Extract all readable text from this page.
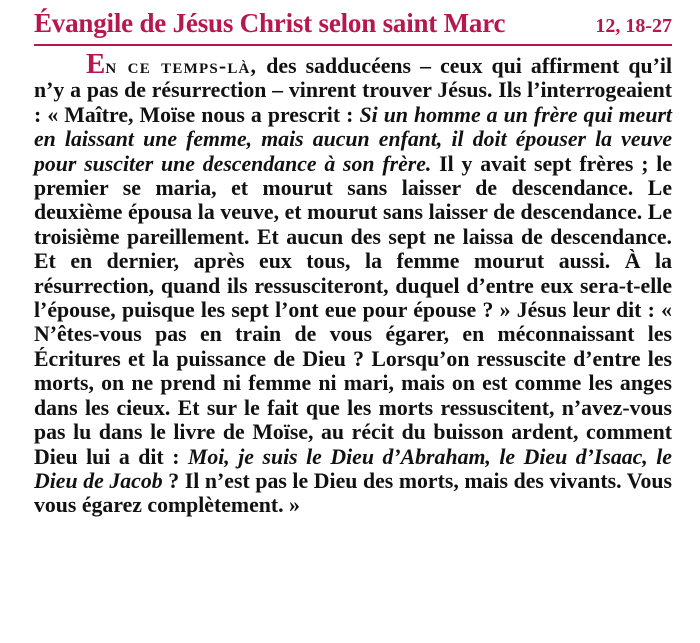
Évangile de Jésus Christ selon saint Marc	12, 18-27

En ce temps-là, des sadducéens – ceux qui affirment qu’il n’y a pas de résurrection – vinrent trouver Jésus. Ils l’interrogeaient : « Maître, Moïse nous a prescrit : Si un homme a un frère qui meurt en laissant une femme, mais aucun enfant, il doit épouser la veuve pour susciter une descendance à son frère. Il y avait sept frères ; le premier se maria, et mourut sans laisser de descendance. Le deuxième épousa la veuve, et mourut sans laisser de descendance. Le troisième pareillement. Et aucun des sept ne laissa de descendance. Et en dernier, après eux tous, la femme mourut aussi. À la résurrection, quand ils ressusciteront, duquel d’entre eux sera-t-elle l’épouse, puisque les sept l’ont eue pour épouse ? » Jésus leur dit : « N’êtes-vous pas en train de vous égarer, en méconnaissant les Écritures et la puissance de Dieu ? Lorsqu’on ressuscite d’entre les morts, on ne prend ni femme ni mari, mais on est comme les anges dans les cieux. Et sur le fait que les morts ressuscitent, n’avez-vous pas lu dans le livre de Moïse, au récit du buisson ardent, comment Dieu lui a dit : Moi, je suis le Dieu d’Abraham, le Dieu d’Isaac, le Dieu de Jacob ? Il n’est pas le Dieu des morts, mais des vivants. Vous vous égarez complètement. »
